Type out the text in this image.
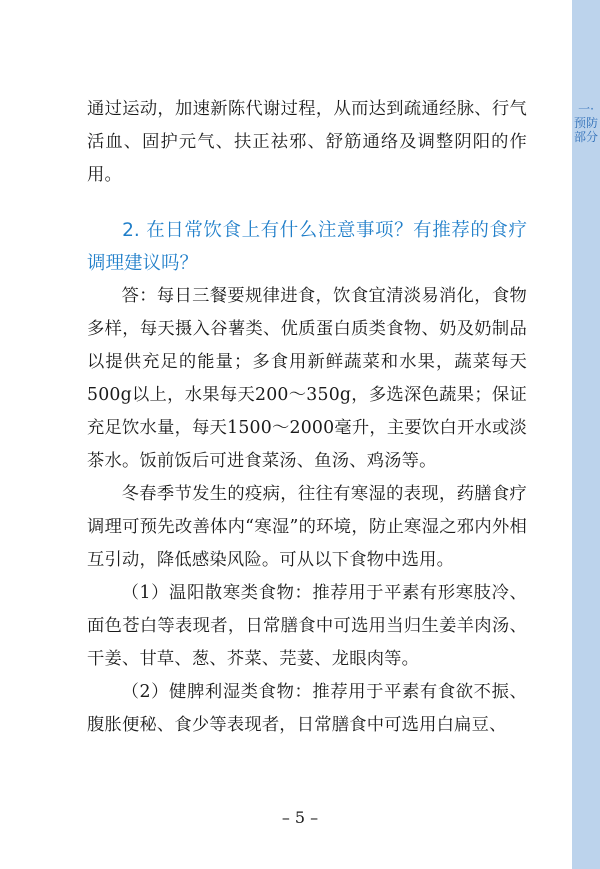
一·预防部分

通过运动，加速新陈代谢过程，从而达到疏通经脉、行气活血、固护元气、扶正祛邪、舒筋通络及调整阴阳的作用。

2. 在日常饮食上有什么注意事项？有推荐的食疗调理建议吗？

答：每日三餐要规律进食，饮食宜清淡易消化，食物多样，每天摄入谷薯类、优质蛋白质类食物、奶及奶制品以提供充足的能量；多食用新鲜蔬菜和水果，蔬菜每天500g以上，水果每天200～350g，多选深色蔬果；保证充足饮水量，每天1500～2000毫升，主要饮白开水或淡茶水。饭前饭后可进食菜汤、鱼汤、鸡汤等。

冬春季节发生的疫病，往往有寒湿的表现，药膳食疗调理可预先改善体内“寒湿”的环境，防止寒湿之邪内外相互引动，降低感染风险。可从以下食物中选用。

（1）温阳散寒类食物：推荐用于平素有形寒肢冷、面色苍白等表现者，日常膳食中可选用当归生姜羊肉汤、干姜、甘草、葱、芥菜、芫荽、龙眼肉等。

（2）健脾利湿类食物：推荐用于平素有食欲不振、腹胀便秘、食少等表现者，日常膳食中可选用白扁豆、

– 5 –
